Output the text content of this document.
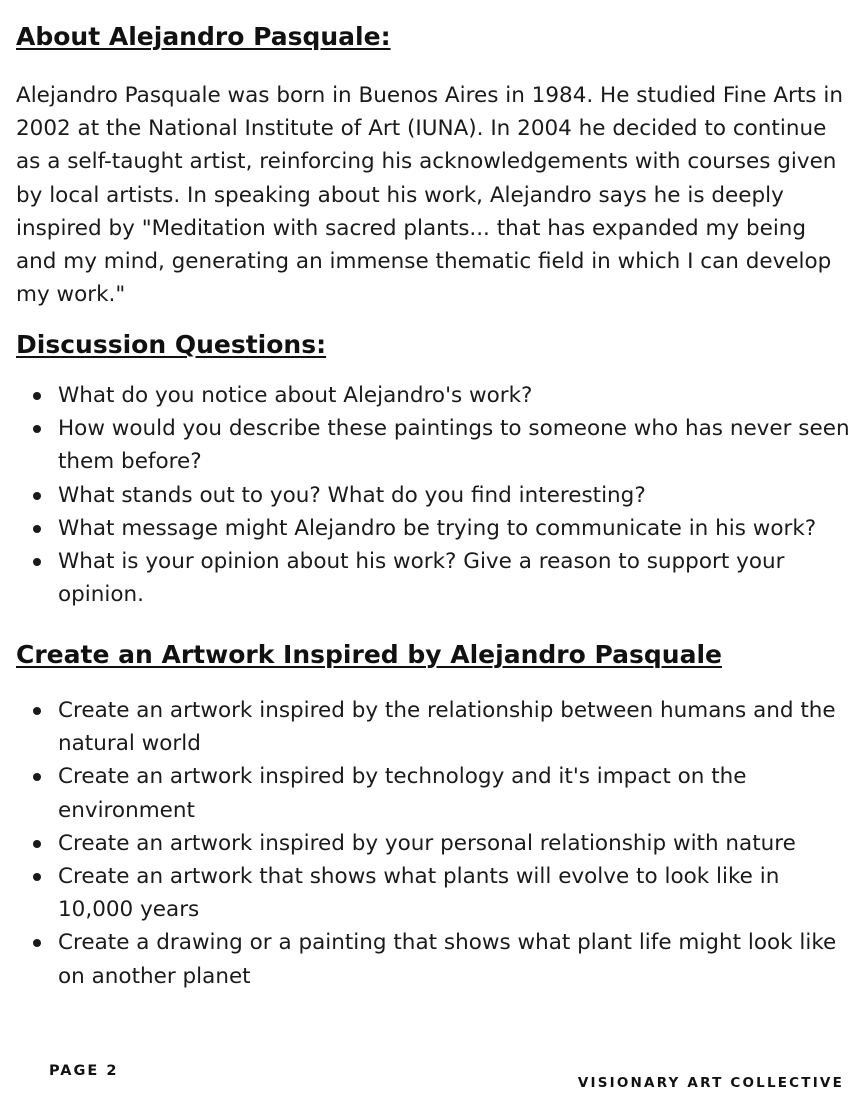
About Alejandro Pasquale:

Alejandro Pasquale was born in Buenos Aires in 1984. He studied Fine Arts in 2002 at the National Institute of Art (IUNA). In 2004 he decided to continue as a self-taught artist, reinforcing his acknowledgements with courses given by local artists. In speaking about his work, Alejandro says he is deeply inspired by "Meditation with sacred plants... that has expanded my being and my mind, generating an immense thematic field in which I can develop my work."

Discussion Questions:
What do you notice about Alejandro's work?
How would you describe these paintings to someone who has never seen them before?
What stands out to you? What do you find interesting?
What message might Alejandro be trying to communicate in his work?
What is your opinion about his work? Give a reason to support your opinion.
Create an Artwork Inspired by Alejandro Pasquale
Create an artwork inspired by the relationship between humans and the natural world
Create an artwork inspired by technology and it's impact on the environment
Create an artwork inspired by your personal relationship with nature
Create an artwork that shows what plants will evolve to look like in 10,000 years
Create a drawing or a painting that shows what plant life might look like on another planet

PAGE 2

VISIONARY ART COLLECTIVE
